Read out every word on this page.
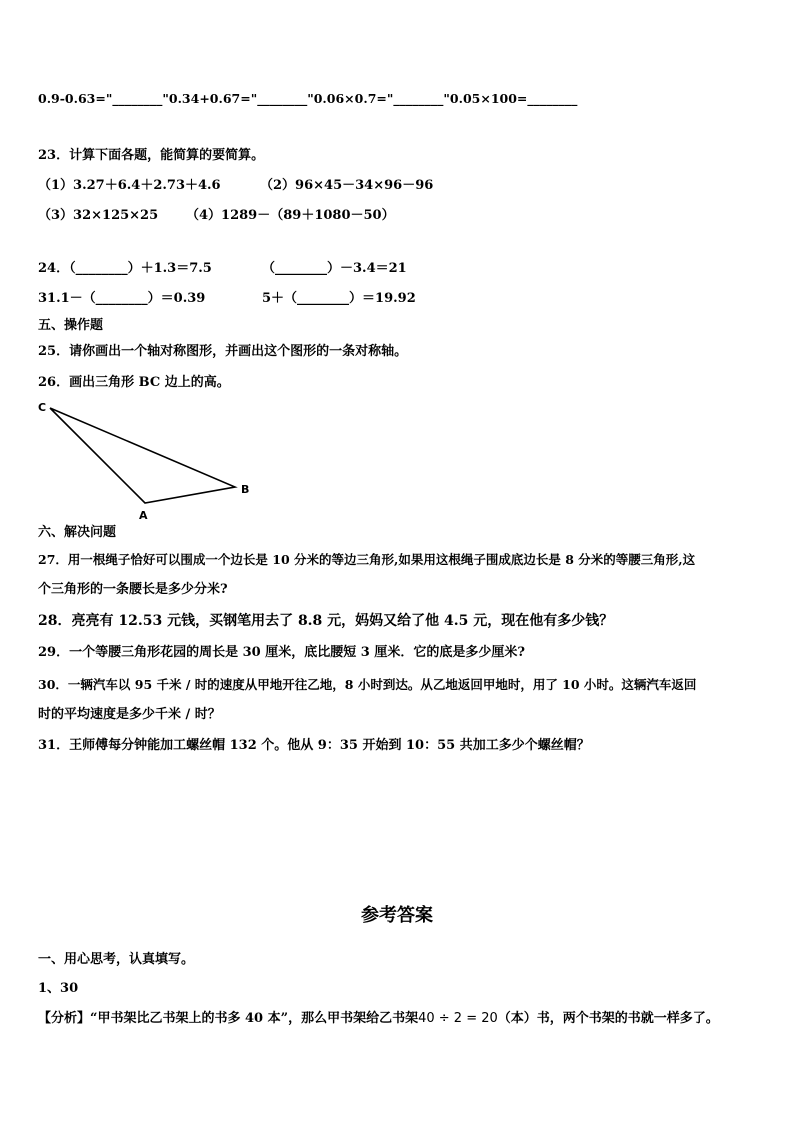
0.9-0.63="________"0.34+0.67="________"0.06×0.7="________"0.05×100=________
23．计算下面各题，能简算的要简算。
（1）3.27＋6.4＋2.73＋4.6	（2）96×45－34×96－96
（3）32×125×25 （4）1289－（89＋1080－50）
24．（________）＋1.3＝7.5	（________）－3.4＝21
31.1－（________）＝0.39	5＋（________）＝19.92
五、操作题
25．请你画出一个轴对称图形，并画出这个图形的一条对称轴。
26．画出三角形 BC 边上的高。
C
B
A
六、解决问题
27．用一根绳子恰好可以围成一个边长是 10 分米的等边三角形,如果用这根绳子围成底边长是 8 分米的等腰三角形,这
个三角形的一条腰长是多少分米?
28．亮亮有 12.53 元钱，买钢笔用去了 8.8 元，妈妈又给了他 4.5 元，现在他有多少钱？
29．一个等腰三角形花园的周长是 30 厘米，底比腰短 3 厘米．它的底是多少厘米?
30．一辆汽车以 95 千米 / 时的速度从甲地开往乙地，8 小时到达。从乙地返回甲地时，用了 10 小时。这辆汽车返回
时的平均速度是多少千米 / 时？
31．王师傅每分钟能加工螺丝帽 132 个。他从 9：35 开始到 10：55 共加工多少个螺丝帽？
参考答案
一、用心思考，认真填写。
1、30
【分析】“甲书架比乙书架上的书多 40 本”，那么甲书架给乙书架40 ÷ 2 = 20（本）书，两个书架的书就一样多了。
